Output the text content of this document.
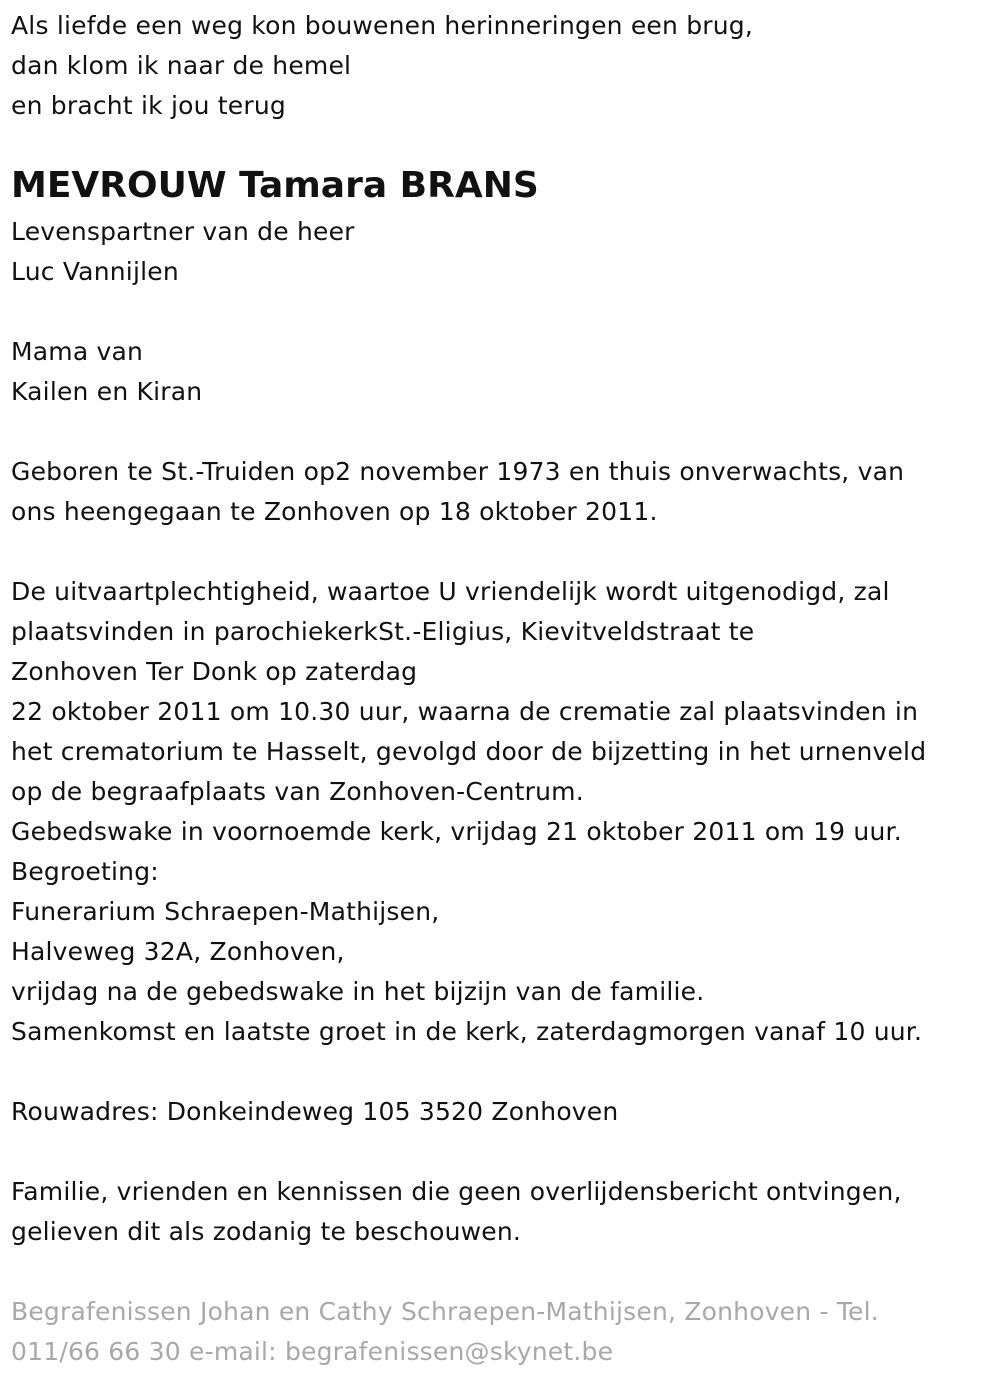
Als liefde een weg kon bouwenen herinneringen een brug,
dan klom ik naar de hemel
en bracht ik jou terug
MEVROUW Tamara BRANS
Levenspartner van de heer
Luc Vannijlen
Mama van
Kailen en Kiran
Geboren te St.-Truiden op2 november 1973 en thuis onverwachts, van
ons heengegaan te Zonhoven op 18 oktober 2011.
De uitvaartplechtigheid, waartoe U vriendelijk wordt uitgenodigd, zal
plaatsvinden in parochiekerkSt.-Eligius, Kievitveldstraat te
Zonhoven Ter Donk op zaterdag
22 oktober 2011 om 10.30 uur, waarna de crematie zal plaatsvinden in
het crematorium te Hasselt, gevolgd door de bijzetting in het urnenveld
op de begraafplaats van Zonhoven-Centrum.
Gebedswake in voornoemde kerk, vrijdag 21 oktober 2011 om 19 uur.
Begroeting:
Funerarium Schraepen-Mathijsen,
Halveweg 32A, Zonhoven,
vrijdag na de gebedswake in het bijzijn van de familie.
Samenkomst en laatste groet in de kerk, zaterdagmorgen vanaf 10 uur.
Rouwadres: Donkeindeweg 105 3520 Zonhoven
Familie, vrienden en kennissen die geen overlijdensbericht ontvingen,
gelieven dit als zodanig te beschouwen.
Begrafenissen Johan en Cathy Schraepen-Mathijsen, Zonhoven - Tel.
011/66 66 30 e-mail: begrafenissen@skynet.be
